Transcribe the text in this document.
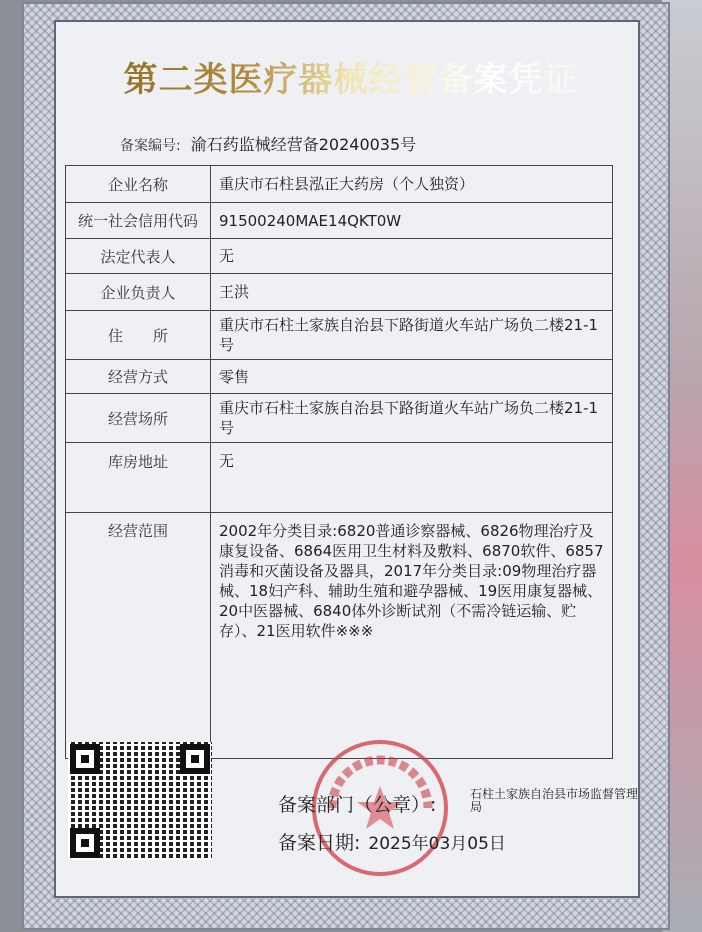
第二类医疗器械经营备案凭证
备案编号: 渝石药监械经营备20240035号
企业名称	重庆市石柱县泓正大药房（个人独资）
统一社会信用代码	91500240MAE14QKT0W
法定代表人	无
企业负责人	王洪
住　　所	重庆市石柱土家族自治县下路街道火车站广场负二楼21-1号
经营方式	零售
经营场所	重庆市石柱土家族自治县下路街道火车站广场负二楼21-1号
库房地址	无
经营范围	2002年分类目录:6820普通诊察器械、6826物理治疗及康复设备、6864医用卫生材料及敷料、6870软件、6857消毒和灭菌设备及器具，2017年分类目录:09物理治疗器械、18妇产科、辅助生殖和避孕器械、19医用康复器械、20中医器械、6840体外诊断试剂（不需冷链运输、贮存）、21医用软件※※※
备案部门（公章）:	石柱土家族自治县市场监督管理局
备案日期: 2025年03月05日
